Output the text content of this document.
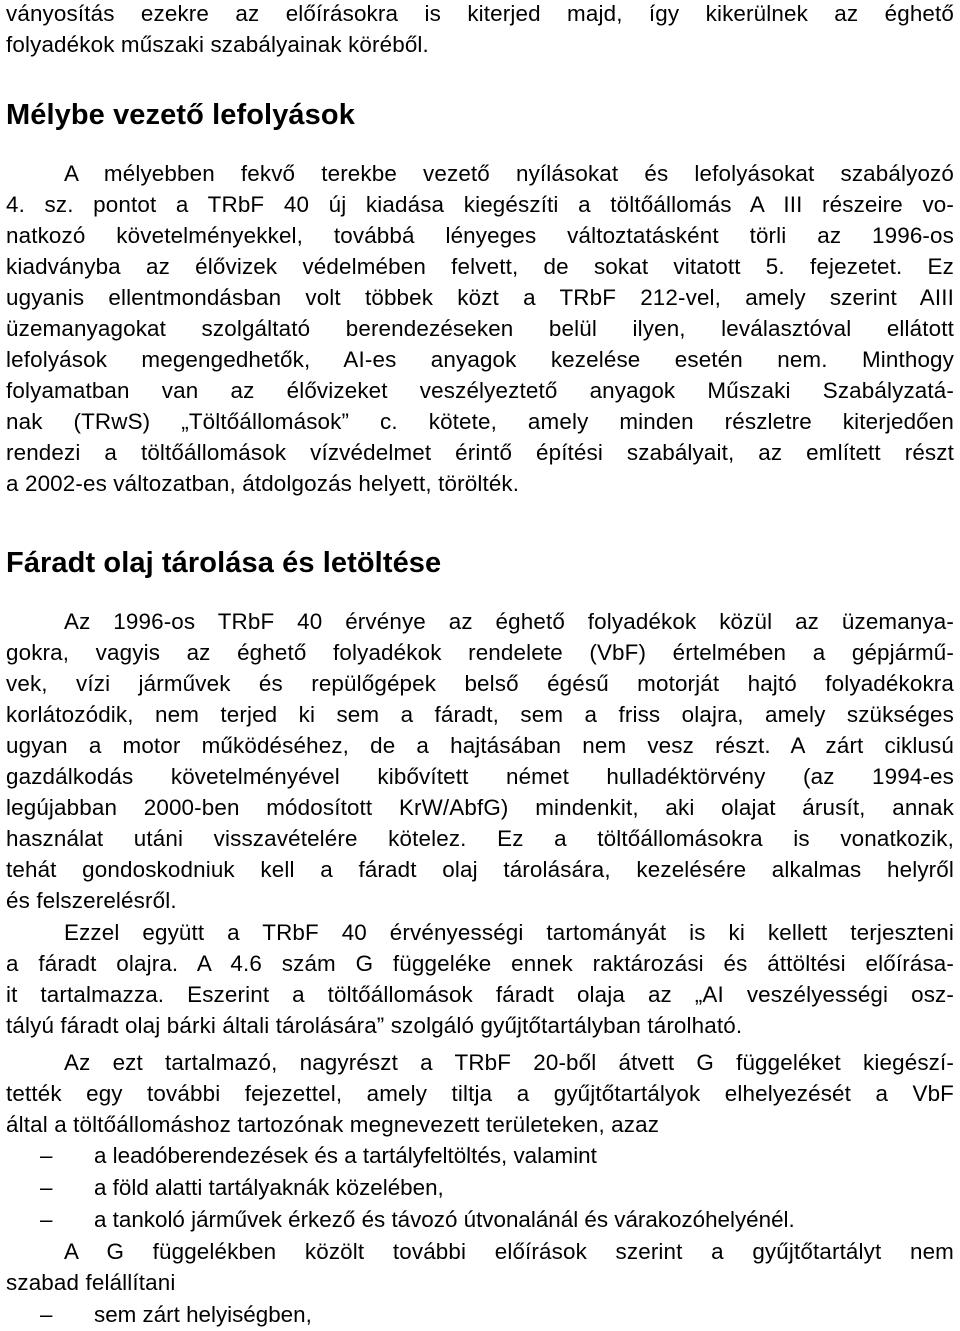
ványosítás ezekre az előírásokra is kiterjed majd, így kikerülnek az éghető
folyadékok műszaki szabályainak köréből.
Mélybe vezető lefolyások
A mélyebben fekvő terekbe vezető nyílásokat és lefolyásokat szabályozó
4. sz. pontot a TRbF 40 új kiadása kiegészíti a töltőállomás A III részeire vo-
natkozó követelményekkel, továbbá lényeges változtatásként törli az 1996-os
kiadványba az élővizek védelmében felvett, de sokat vitatott 5. fejezetet. Ez
ugyanis ellentmondásban volt többek közt a TRbF 212-vel, amely szerint AIII
üzemanyagokat szolgáltató berendezéseken belül ilyen, leválasztóval ellátott
lefolyások megengedhetők, AI-es anyagok kezelése esetén nem. Minthogy
folyamatban van az élővizeket veszélyeztető anyagok Műszaki Szabályzatá-
nak (TRwS) „Töltőállomások” c. kötete, amely minden részletre kiterjedően
rendezi a töltőállomások vízvédelmet érintő építési szabályait, az említett részt
a 2002-es változatban, átdolgozás helyett, törölték.
Fáradt olaj tárolása és letöltése
Az 1996-os TRbF 40 érvénye az éghető folyadékok közül az üzemanya-
gokra, vagyis az éghető folyadékok rendelete (VbF) értelmében a gépjármű-
vek, vízi járművek és repülőgépek belső égésű motorját hajtó folyadékokra
korlátozódik, nem terjed ki sem a fáradt, sem a friss olajra, amely szükséges
ugyan a motor működéséhez, de a hajtásában nem vesz részt. A zárt ciklusú
gazdálkodás követelményével kibővített német hulladéktörvény (az 1994-es
legújabban 2000-ben módosított KrW/AbfG) mindenkit, aki olajat árusít, annak
használat utáni visszavételére kötelez. Ez a töltőállomásokra is vonatkozik,
tehát gondoskodniuk kell a fáradt olaj tárolására, kezelésére alkalmas helyről
és felszerelésről.
Ezzel együtt a TRbF 40 érvényességi tartományát is ki kellett terjeszteni
a fáradt olajra. A 4.6 szám G függeléke ennek raktározási és áttöltési előírása-
it tartalmazza. Eszerint a töltőállomások fáradt olaja az „AI veszélyességi osz-
tályú fáradt olaj bárki általi tárolására” szolgáló gyűjtőtartályban tárolható.
Az ezt tartalmazó, nagyrészt a TRbF 20-ből átvett G függeléket kiegészí-
tették egy további fejezettel, amely tiltja a gyűjtőtartályok elhelyezését a VbF
által a töltőállomáshoz tartozónak megnevezett területeken, azaz
– a leadóberendezések és a tartályfeltöltés, valamint
– a föld alatti tartályaknák közelében,
– a tankoló járművek érkező és távozó útvonalánál és várakozóhelyénél.
A G függelékben közölt további előírások szerint a gyűjtőtartályt nem
szabad felállítani
– sem zárt helyiségben,
